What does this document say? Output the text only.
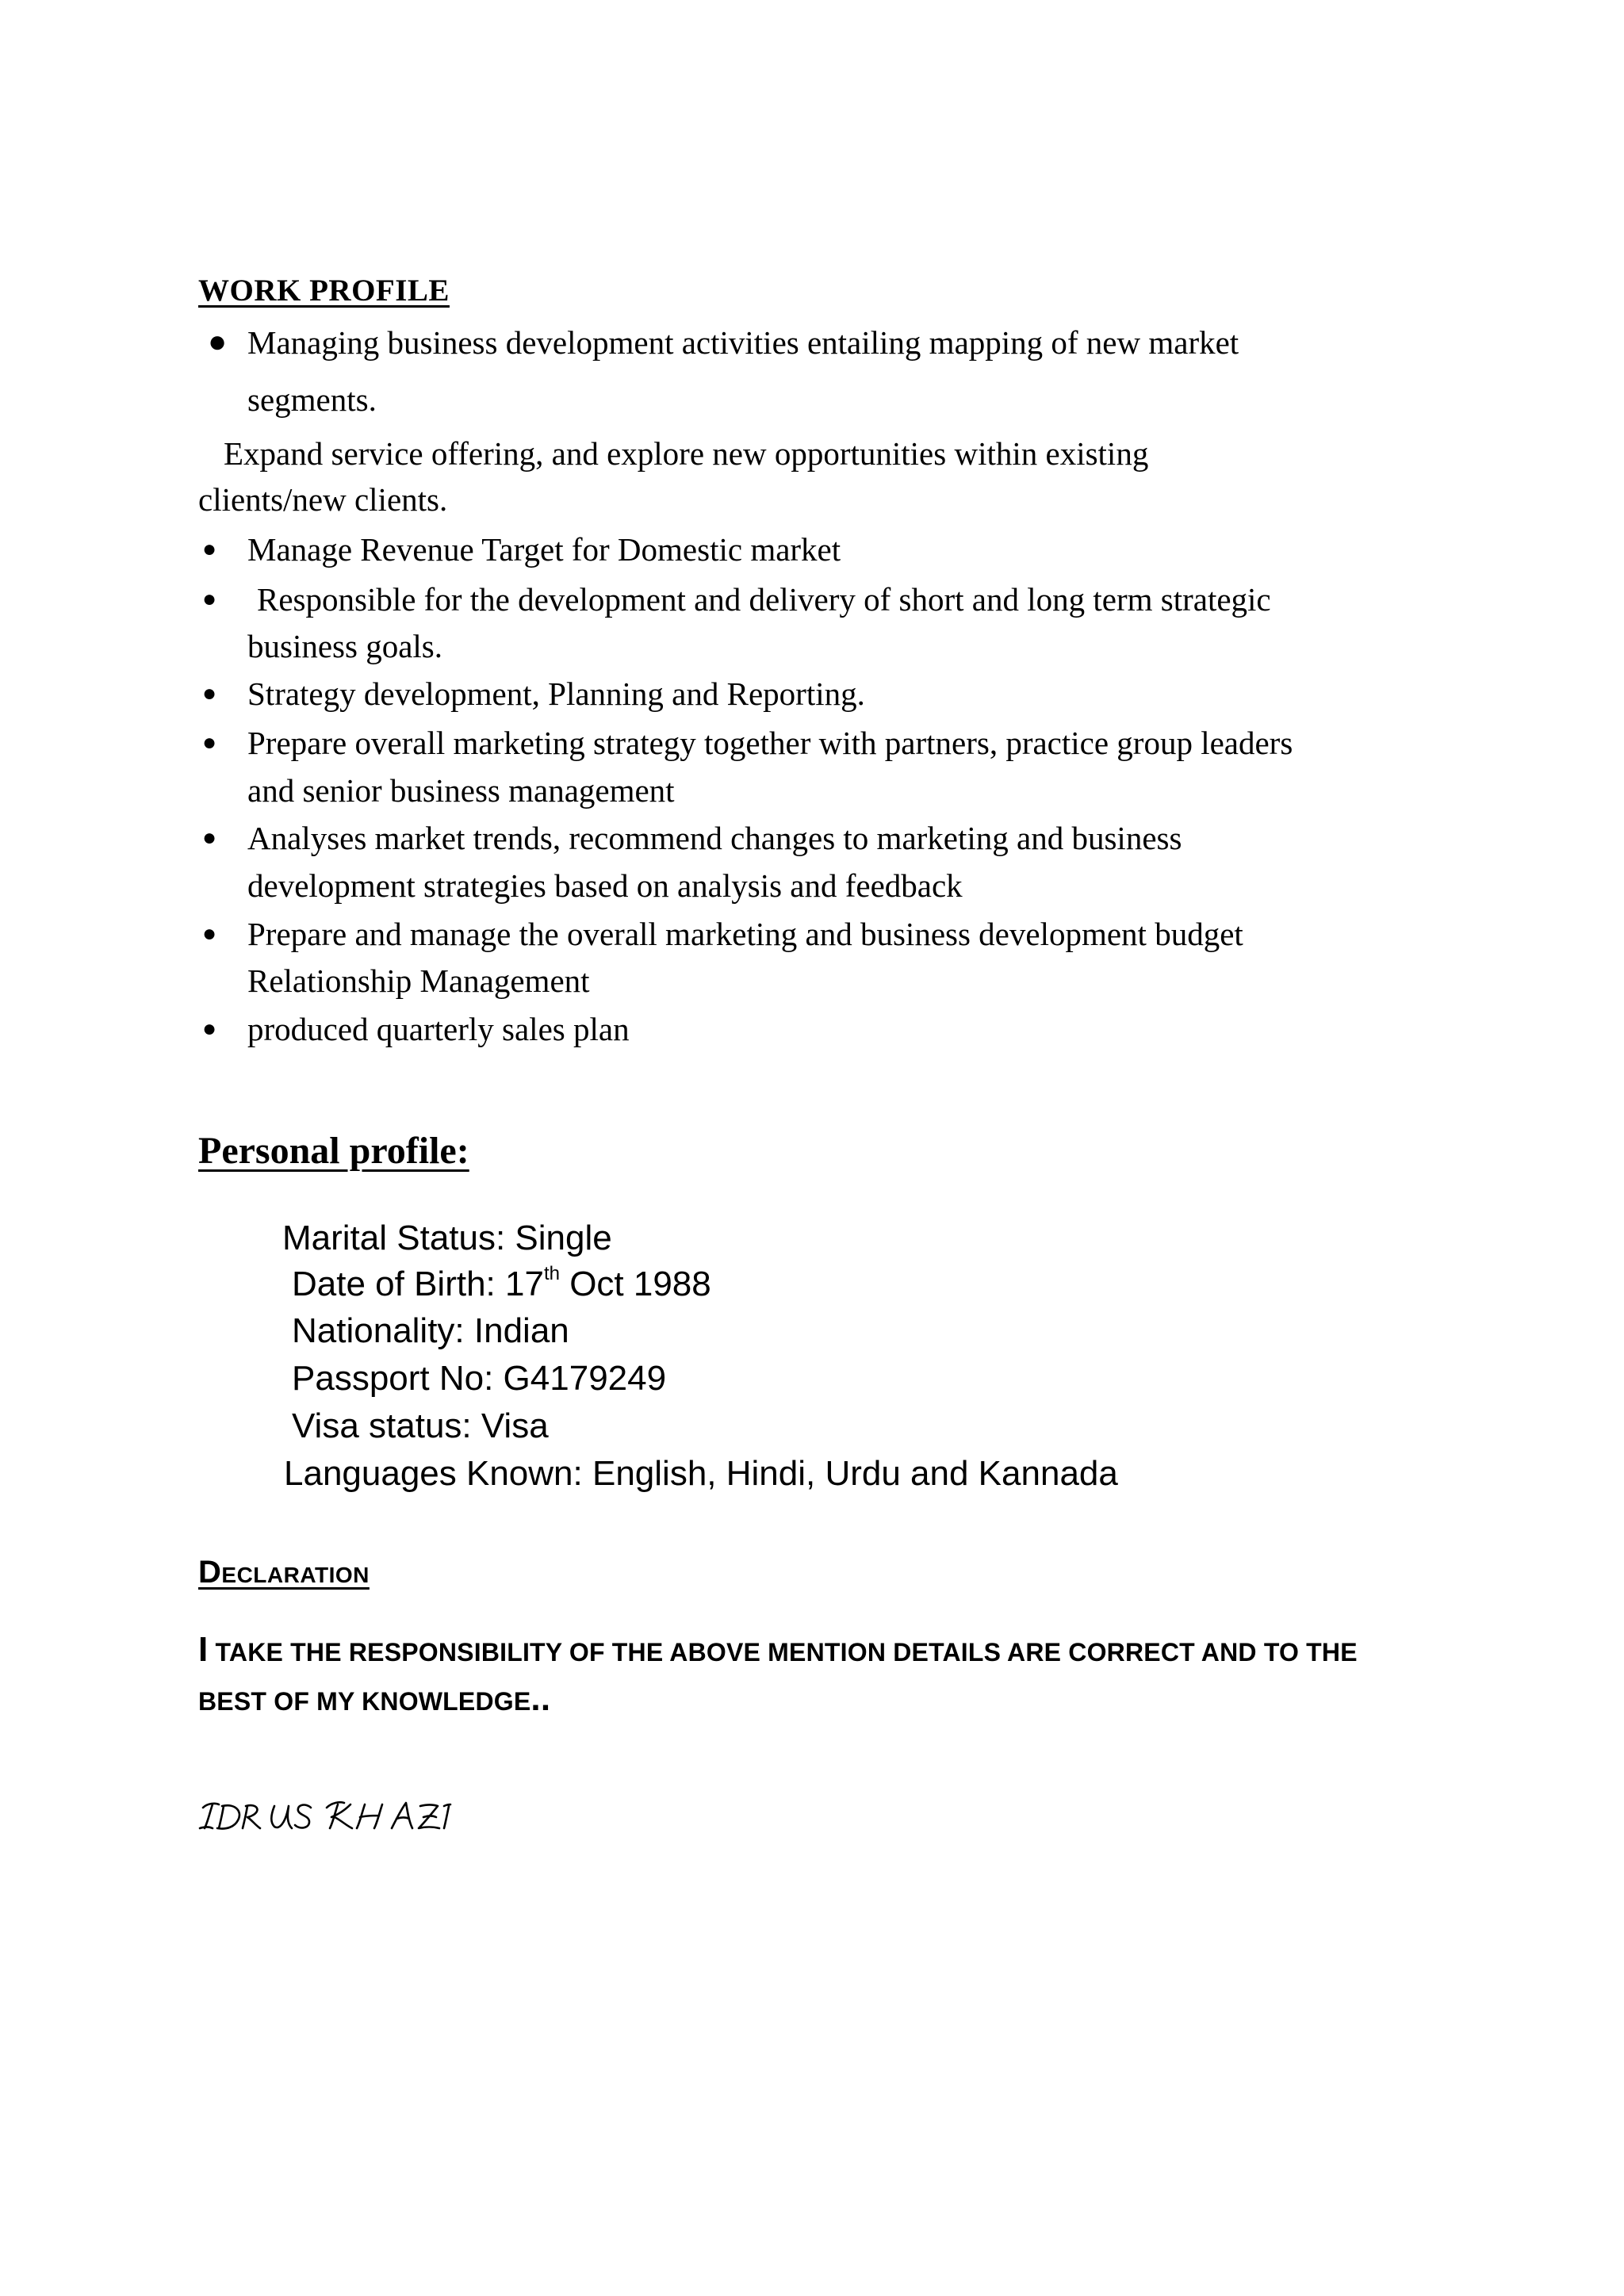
WORK PROFILE
● Managing business development activities entailing mapping of new market
segments.
Expand service offering, and explore new opportunities within existing
clients/new clients.
● Manage Revenue Target for Domestic market
● Responsible for the development and delivery of short and long term strategic
business goals.
● Strategy development, Planning and Reporting.
● Prepare overall marketing strategy together with partners, practice group leaders
and senior business management
● Analyses market trends, recommend changes to marketing and business
development strategies based on analysis and feedback
● Prepare and manage the overall marketing and business development budget
Relationship Management
● produced quarterly sales plan
Personal profile:
Marital Status: Single
Date of Birth: 17th Oct 1988
Nationality: Indian
Passport No: G4179249
Visa status: Visa
Languages Known: English, Hindi, Urdu and Kannada
Declaration
I TAKE THE RESPONSIBILITY OF THE ABOVE MENTION DETAILS ARE CORRECT AND TO THE
BEST OF MY KNOWLEDGE..
